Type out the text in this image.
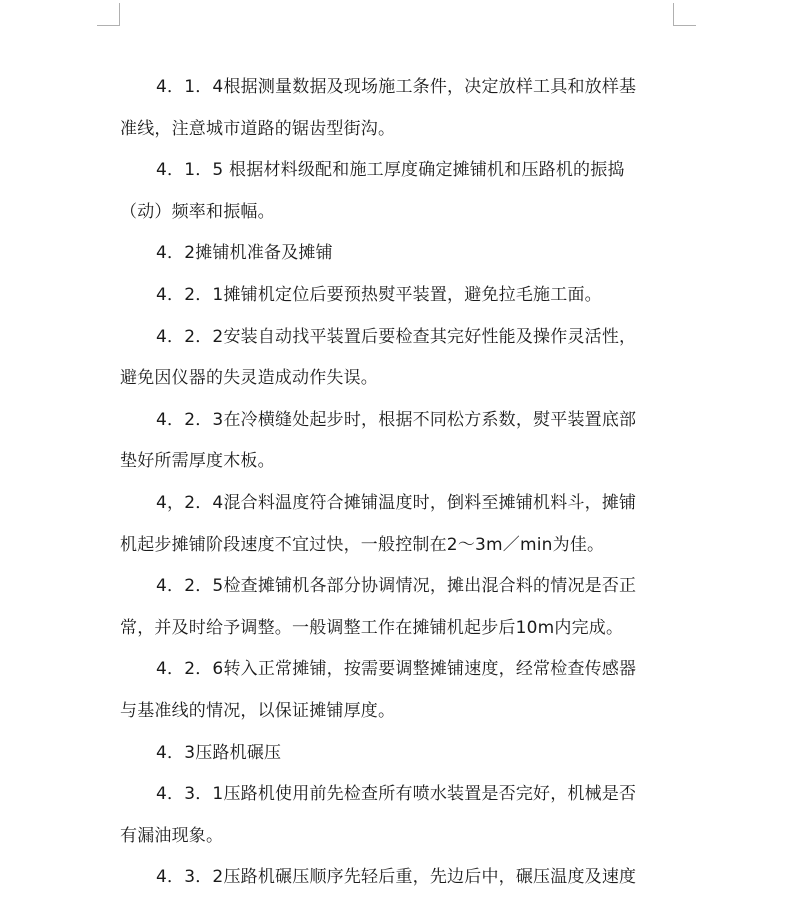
4．1．4根据测量数据及现场施工条件，决定放样工具和放样基
准线，注意城市道路的锯齿型街沟。

4．1．5 根据材料级配和施工厚度确定摊铺机和压路机的振捣
（动）频率和振幅。

4．2摊铺机准备及摊铺

4．2．1摊铺机定位后要预热熨平装置，避免拉毛施工面。

4．2．2安装自动找平装置后要检查其完好性能及操作灵活性，
避免因仪器的失灵造成动作失误。

4．2．3在冷横缝处起步时，根据不同松方系数，熨平装置底部
垫好所需厚度木板。

4，2．4混合料温度符合摊铺温度时，倒料至摊铺机料斗，摊铺
机起步摊铺阶段速度不宜过快，一般控制在2～3m／min为佳。

4．2．5检查摊铺机各部分协调情况，摊出混合料的情况是否正
常，并及时给予调整。一般调整工作在摊铺机起步后10m内完成。

4．2．6转入正常摊铺，按需要调整摊铺速度，经常检查传感器
与基准线的情况，以保证摊铺厚度。

4．3压路机碾压

4．3．1压路机使用前先检查所有喷水装置是否完好，机械是否
有漏油现象。

4．3．2压路机碾压顺序先轻后重，先边后中，碾压温度及速度
